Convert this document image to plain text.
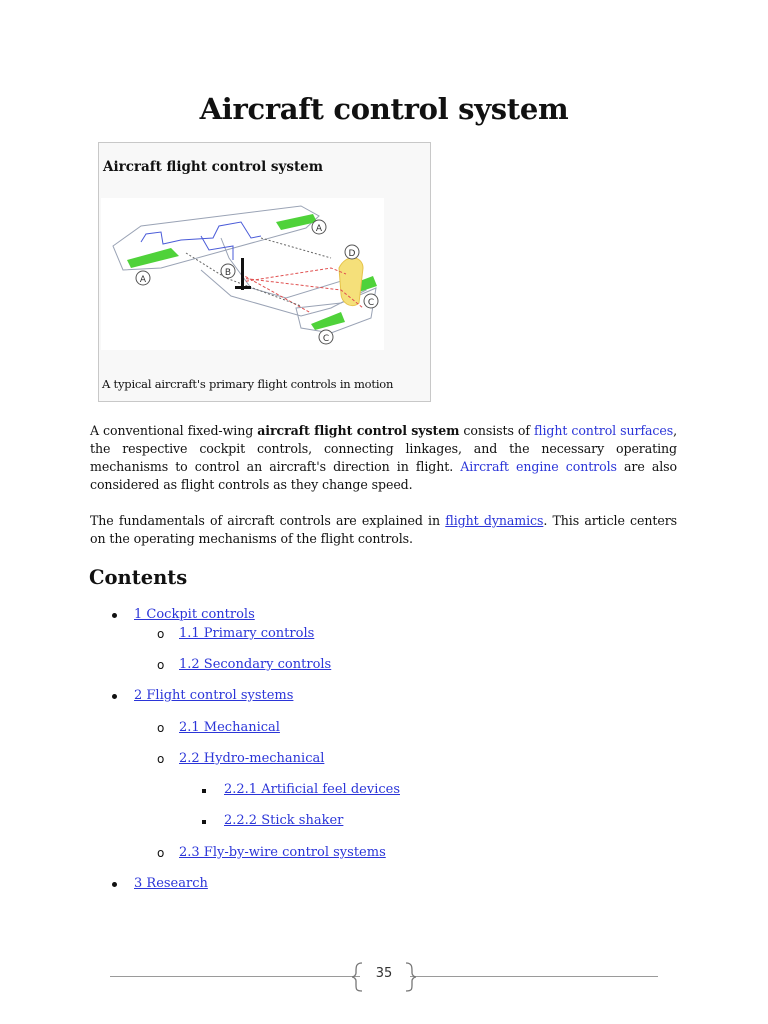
Aircraft control system
Aircraft flight control system
A
A
B
C
C
D
A typical aircraft's primary flight controls in motion
A conventional fixed-wing aircraft flight control system consists of flight control surfaces, the respective cockpit controls, connecting linkages, and the necessary operating mechanisms to control an aircraft's direction in flight. Aircraft engine controls are also considered as flight controls as they change speed.
The fundamentals of aircraft controls are explained in flight dynamics. This article centers on the operating mechanisms of the flight controls.
Contents
1 Cockpit controls
o 1.1 Primary controls
o 1.2 Secondary controls
2 Flight control systems
o 2.1 Mechanical
o 2.2 Hydro-mechanical
2.2.1 Artificial feel devices
2.2.2 Stick shaker
o 2.3 Fly-by-wire control systems
3 Research
35
